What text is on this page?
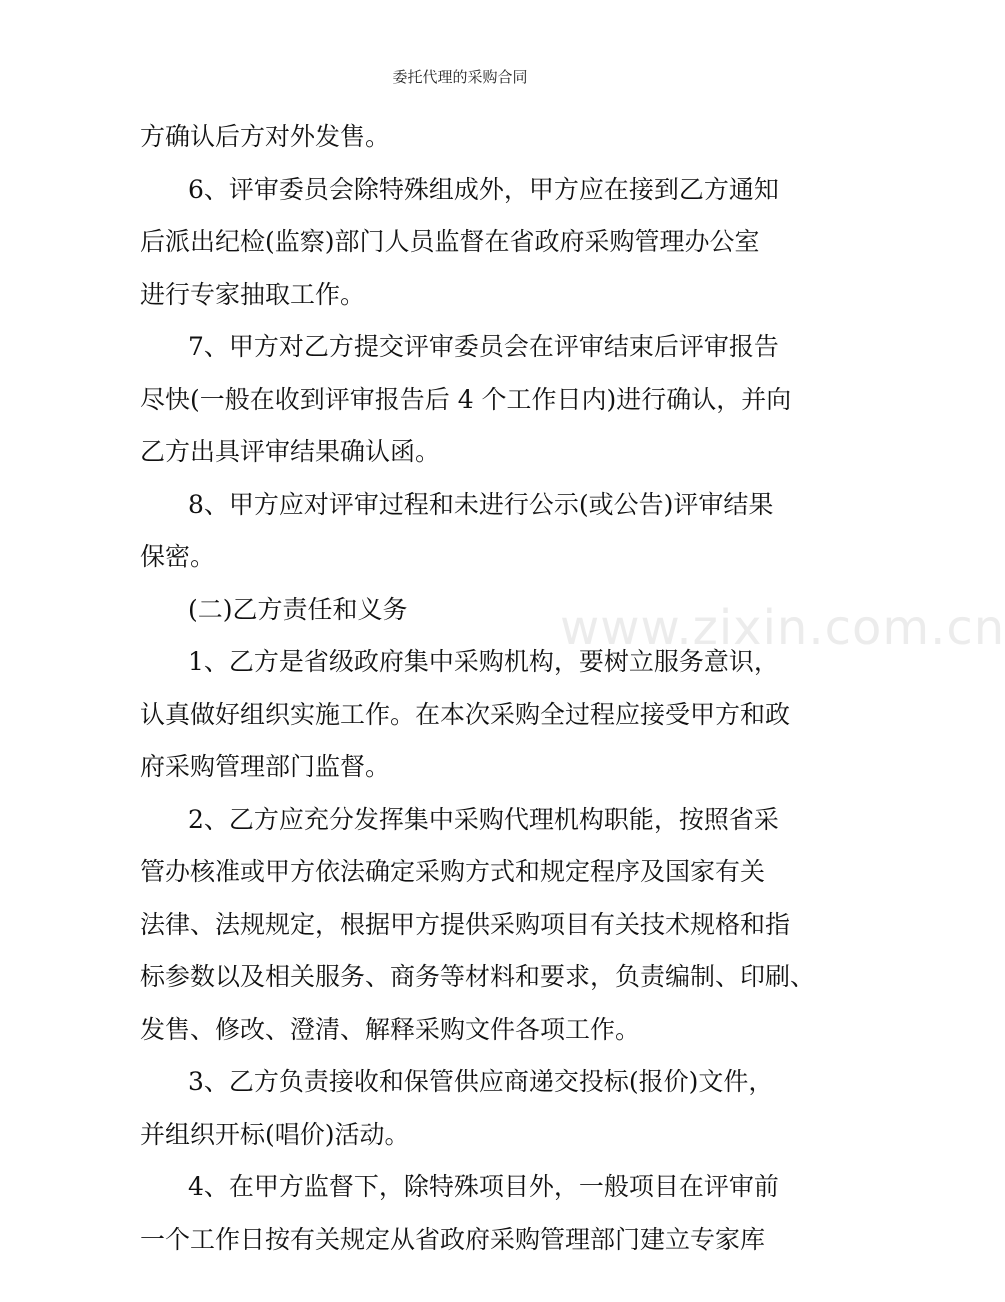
委托代理的采购合同
www.zixin.com.cn
方确认后方对外发售。
6、评审委员会除特殊组成外，甲方应在接到乙方通知
后派出纪检(监察)部门人员监督在省政府采购管理办公室
进行专家抽取工作。
7、甲方对乙方提交评审委员会在评审结束后评审报告
尽快(一般在收到评审报告后 4 个工作日内)进行确认，并向
乙方出具评审结果确认函。
8、甲方应对评审过程和未进行公示(或公告)评审结果
保密。
(二)乙方责任和义务
1、乙方是省级政府集中采购机构，要树立服务意识，
认真做好组织实施工作。在本次采购全过程应接受甲方和政
府采购管理部门监督。
2、乙方应充分发挥集中采购代理机构职能，按照省采
管办核准或甲方依法确定采购方式和规定程序及国家有关
法律、法规规定，根据甲方提供采购项目有关技术规格和指
标参数以及相关服务、商务等材料和要求，负责编制、印刷、
发售、修改、澄清、解释采购文件各项工作。
3、乙方负责接收和保管供应商递交投标(报价)文件，
并组织开标(唱价)活动。
4、在甲方监督下，除特殊项目外，一般项目在评审前
一个工作日按有关规定从省政府采购管理部门建立专家库
